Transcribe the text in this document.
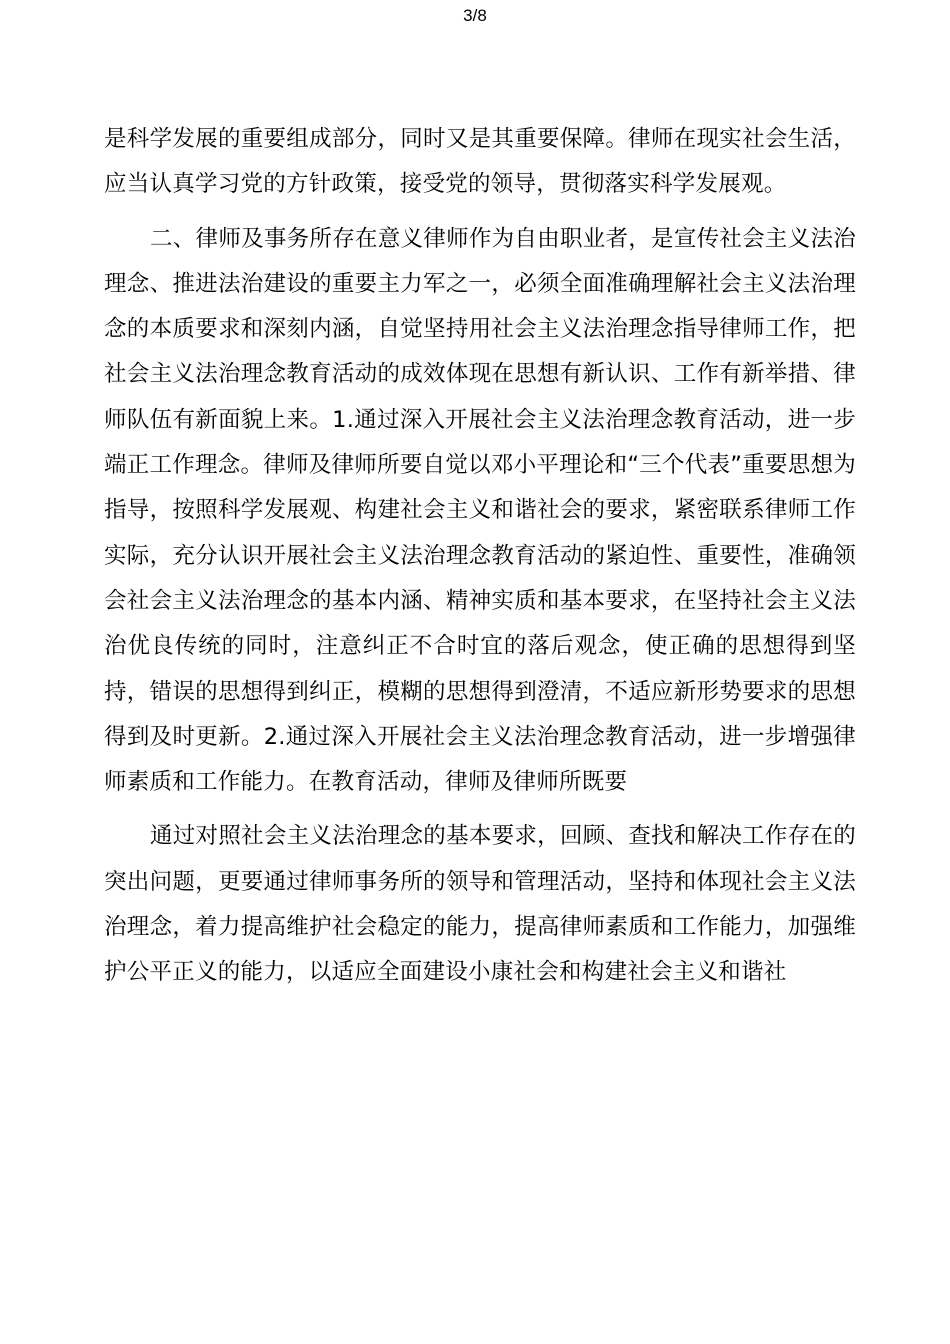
3/8

是科学发展的重要组成部分，同时又是其重要保障。律师在现实社会生活，应当认真学习党的方针政策，接受党的领导，贯彻落实科学发展观。

二、律师及事务所存在意义律师作为自由职业者，是宣传社会主义法治理念、推进法治建设的重要主力军之一，必须全面准确理解社会主义法治理念的本质要求和深刻内涵，自觉坚持用社会主义法治理念指导律师工作，把社会主义法治理念教育活动的成效体现在思想有新认识、工作有新举措、律师队伍有新面貌上来。1.通过深入开展社会主义法治理念教育活动，进一步端正工作理念。律师及律师所要自觉以邓小平理论和“三个代表”重要思想为指导，按照科学发展观、构建社会主义和谐社会的要求，紧密联系律师工作实际，充分认识开展社会主义法治理念教育活动的紧迫性、重要性，准确领会社会主义法治理念的基本内涵、精神实质和基本要求，在坚持社会主义法治优良传统的同时，注意纠正不合时宜的落后观念，使正确的思想得到坚持，错误的思想得到纠正，模糊的思想得到澄清，不适应新形势要求的思想得到及时更新。2.通过深入开展社会主义法治理念教育活动，进一步增强律师素质和工作能力。在教育活动，律师及律师所既要

通过对照社会主义法治理念的基本要求，回顾、查找和解决工作存在的突出问题，更要通过律师事务所的领导和管理活动，坚持和体现社会主义法治理念，着力提高维护社会稳定的能力，提高律师素质和工作能力，加强维护公平正义的能力，以适应全面建设小康社会和构建社会主义和谐社
